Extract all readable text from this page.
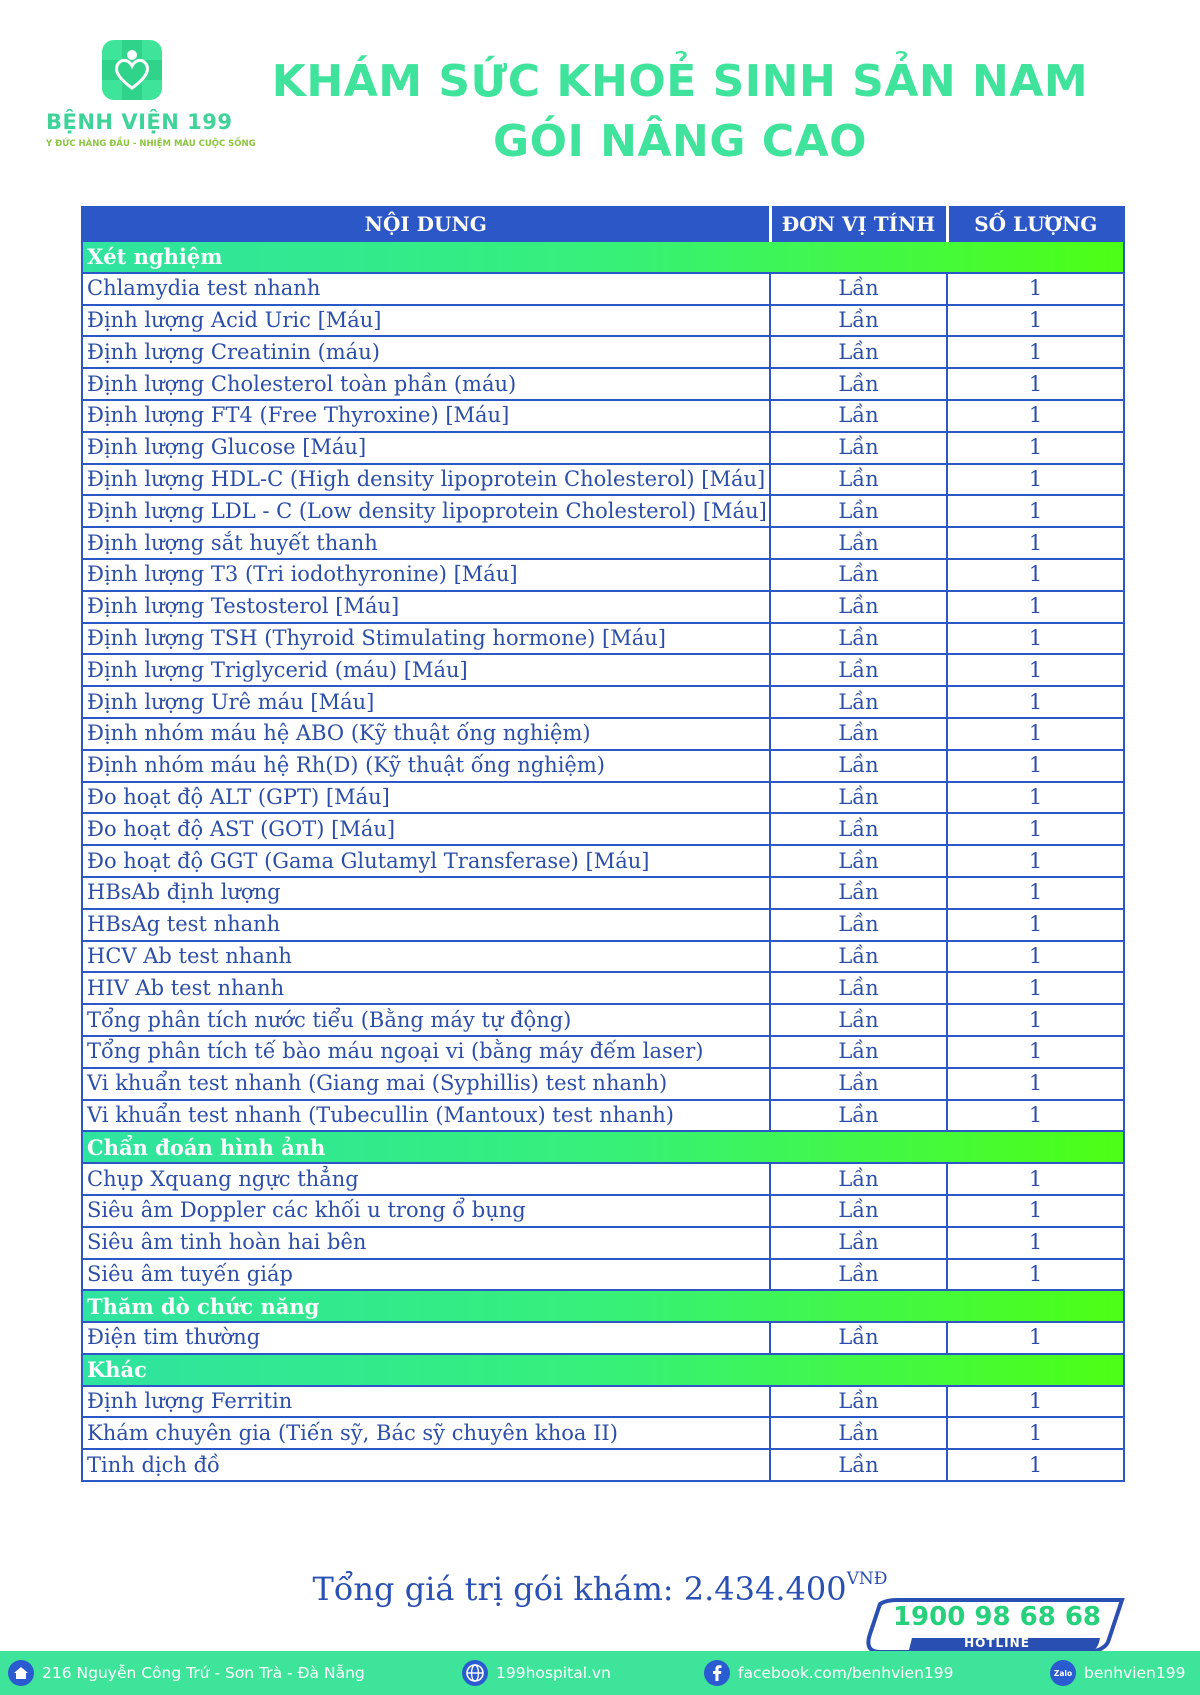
BỆNH VIỆN 199
Y ĐỨC HÀNG ĐẦU - NHIỆM MÀU CUỘC SỐNG
KHÁM SỨC KHOẺ SINH SẢN NAM
GÓI NÂNG CAO
NỘI DUNG	ĐƠN VỊ TÍNH	SỐ LƯỢNG
Xét nghiệm		
Chlamydia test nhanh	Lần	1
Định lượng Acid Uric [Máu]	Lần	1
Định lượng Creatinin (máu)	Lần	1
Định lượng Cholesterol toàn phần (máu)	Lần	1
Định lượng FT4 (Free Thyroxine) [Máu]	Lần	1
Định lượng Glucose [Máu]	Lần	1
Định lượng HDL-C (High density lipoprotein Cholesterol) [Máu]	Lần	1
Định lượng LDL - C (Low density lipoprotein Cholesterol) [Máu]	Lần	1
Định lượng sắt huyết thanh	Lần	1
Định lượng T3 (Tri iodothyronine) [Máu]	Lần	1
Định lượng Testosterol [Máu]	Lần	1
Định lượng TSH (Thyroid Stimulating hormone) [Máu]	Lần	1
Định lượng Triglycerid (máu) [Máu]	Lần	1
Định lượng Urê máu [Máu]	Lần	1
Định nhóm máu hệ ABO (Kỹ thuật ống nghiệm)	Lần	1
Định nhóm máu hệ Rh(D) (Kỹ thuật ống nghiệm)	Lần	1
Đo hoạt độ ALT (GPT) [Máu]	Lần	1
Đo hoạt độ AST (GOT) [Máu]	Lần	1
Đo hoạt độ GGT (Gama Glutamyl Transferase) [Máu]	Lần	1
HBsAb định lượng	Lần	1
HBsAg test nhanh	Lần	1
HCV Ab test nhanh	Lần	1
HIV Ab test nhanh	Lần	1
Tổng phân tích nước tiểu (Bằng máy tự động)	Lần	1
Tổng phân tích tế bào máu ngoại vi (bằng máy đếm laser)	Lần	1
Vi khuẩn test nhanh (Giang mai (Syphillis) test nhanh)	Lần	1
Vi khuẩn test nhanh (Tubecullin (Mantoux) test nhanh)	Lần	1
Chẩn đoán hình ảnh		
Chụp Xquang ngực thẳng	Lần	1
Siêu âm Doppler các khối u trong ổ bụng	Lần	1
Siêu âm tinh hoàn hai bên	Lần	1
Siêu âm tuyến giáp	Lần	1
Thăm dò chức năng		
Điện tim thường	Lần	1
Khác		
Định lượng Ferritin	Lần	1
Khám chuyên gia (Tiến sỹ, Bác sỹ chuyên khoa II)	Lần	1
Tinh dịch đồ	Lần	1
Tổng giá trị gói khám: $2.434.400^{VNĐ}$
1900 98 68 68
HOTLINE
216 Nguyễn Công Trứ - Sơn Trà - Đà Nẵng	199hospital.vn	facebook.com/benhvien199	Zalo benhvien199
